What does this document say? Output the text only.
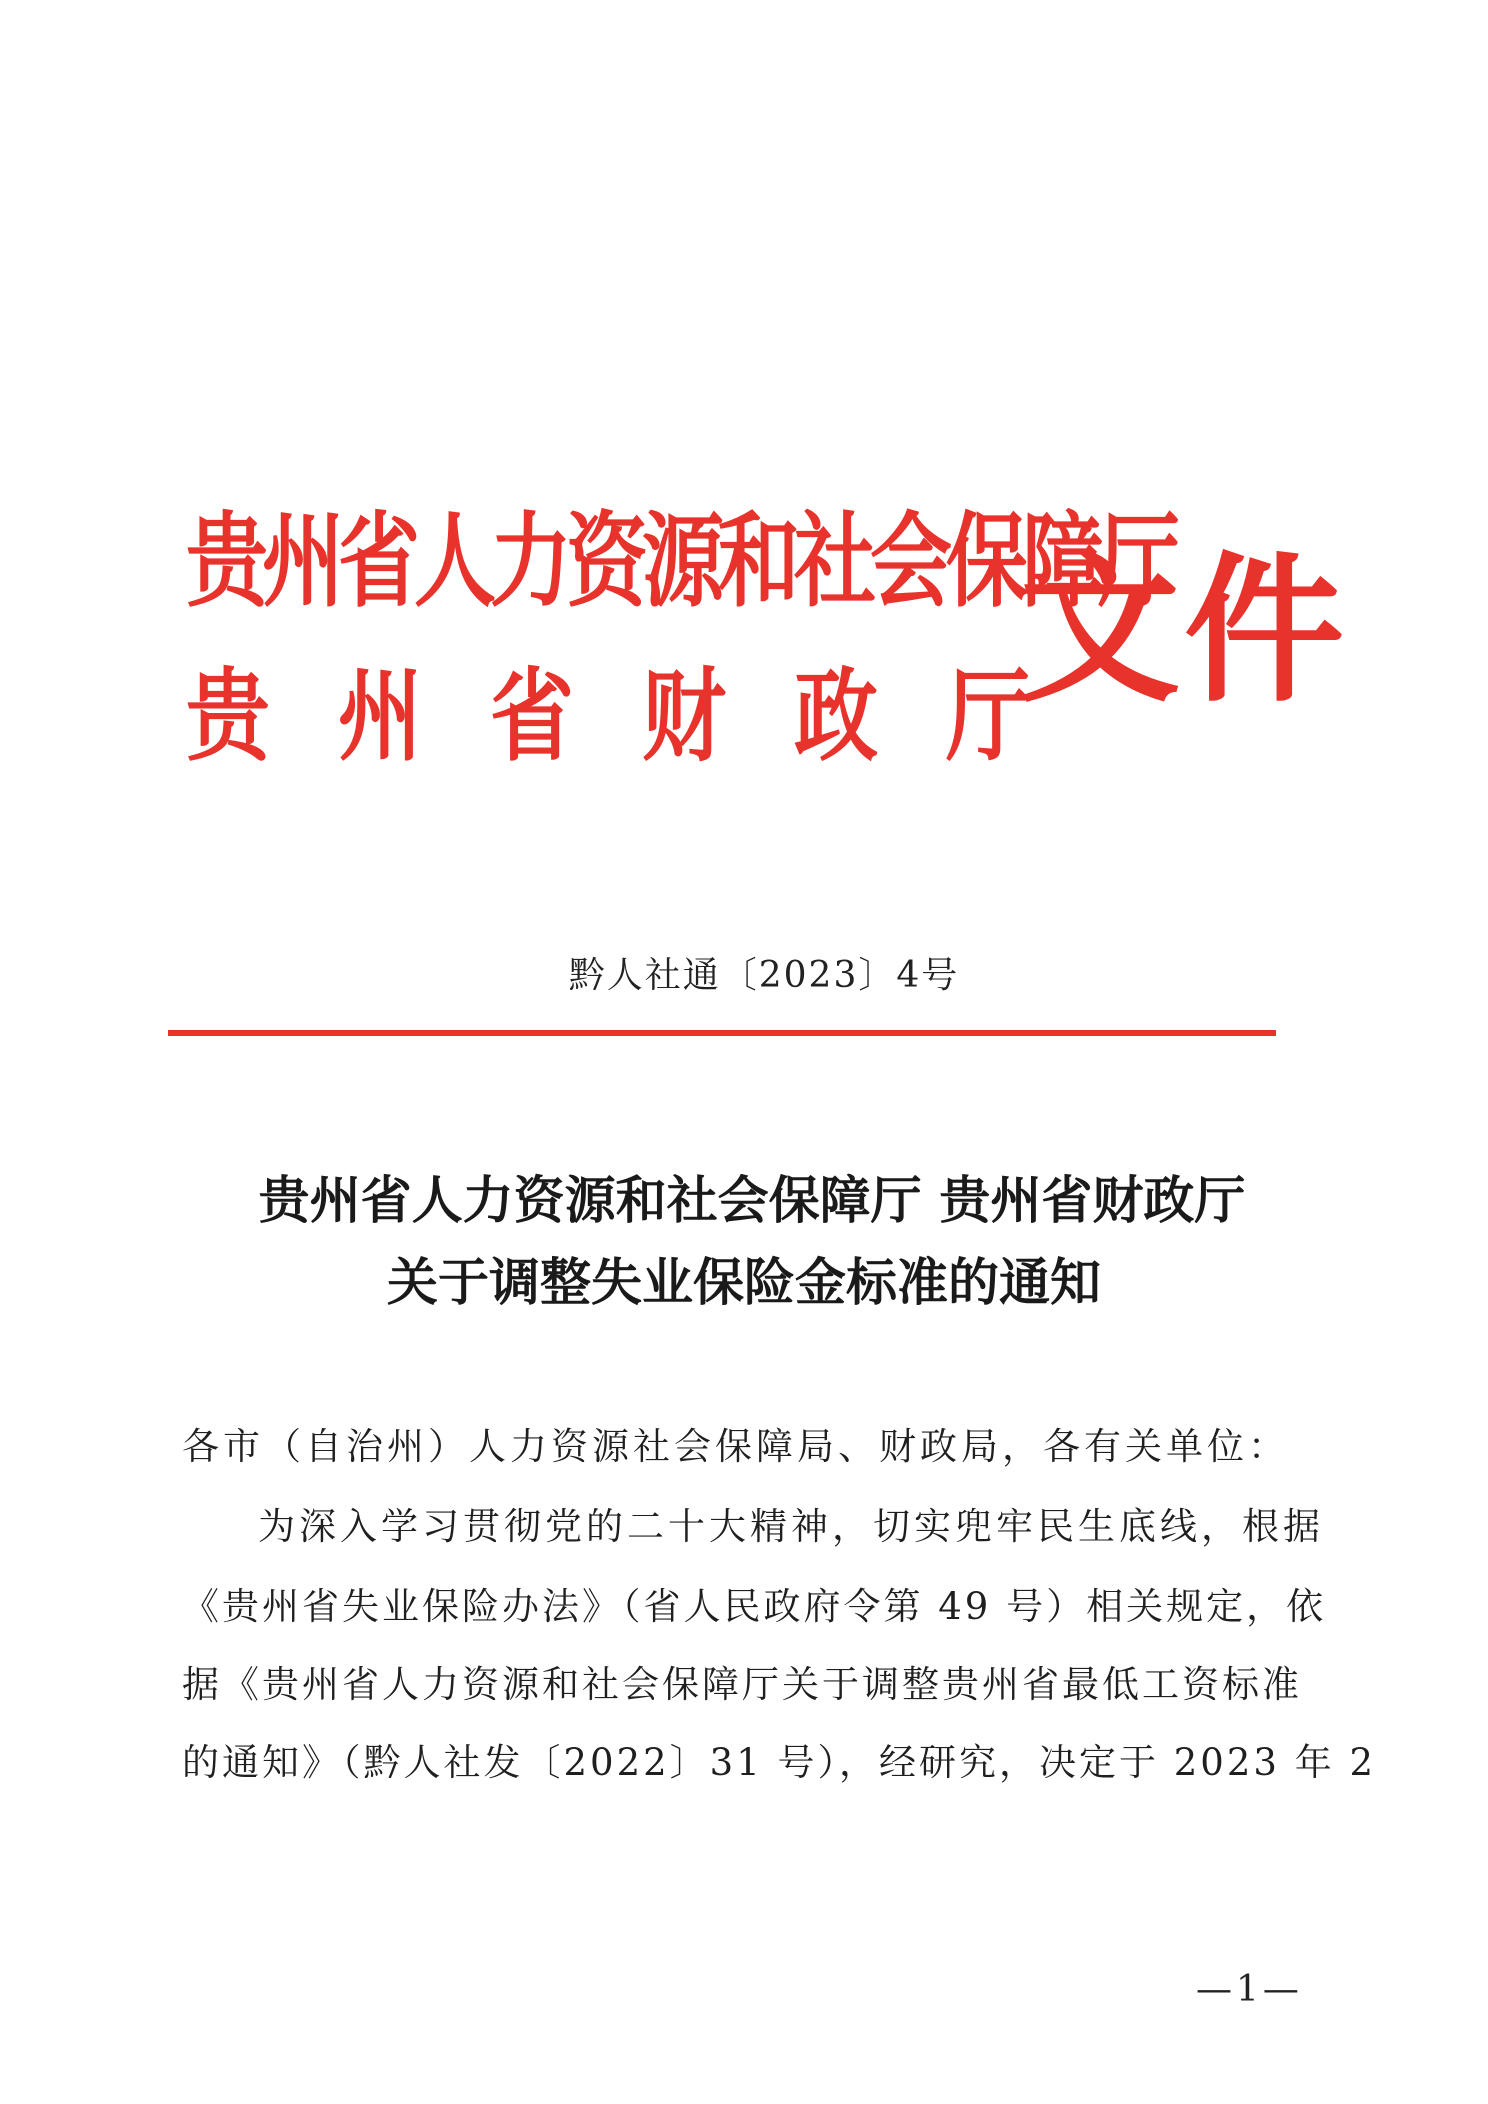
贵州省人力资源和社会保障厅
贵州省财政厅
文件
黔人社通〔2023〕4号
贵州省人力资源和社会保障厅 贵州省财政厅
关于调整失业保险金标准的通知
各市（自治州）人力资源社会保障局、财政局，各有关单位：
为深入学习贯彻党的二十大精神，切实兜牢民生底线，根据
《贵州省失业保险办法》（省人民政府令第 49 号）相关规定，依
据《贵州省人力资源和社会保障厅关于调整贵州省最低工资标准
的通知》（黔人社发〔2022〕31 号），经研究，决定于 2023 年 2
—1—
